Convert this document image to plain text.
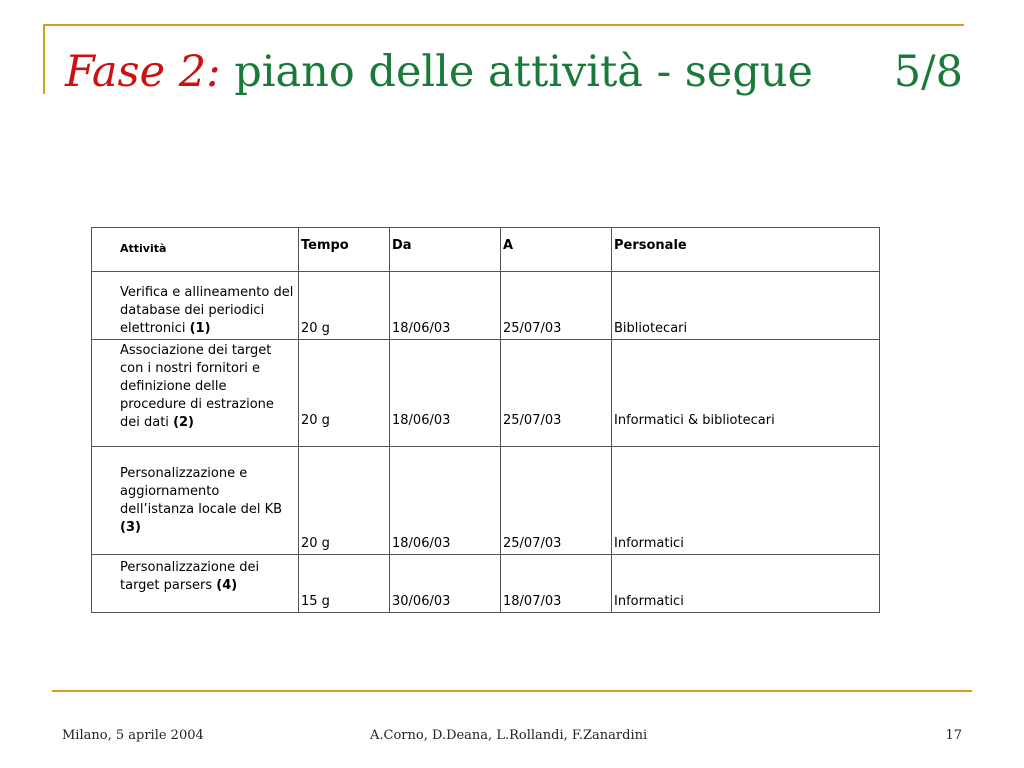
Fase 2: piano delle attività - segue 5/8
Attività	Tempo	Da	A	Personale
Verifica e allineamento del database dei periodici elettronici (1)	20 g	18/06/03	25/07/03	Bibliotecari
Associazione dei target con i nostri fornitori e definizione delle procedure di estrazione dei dati (2)	20 g	18/06/03	25/07/03	Informatici & bibliotecari
Personalizzazione e aggiornamento dell’istanza locale del KB (3)	20 g	18/06/03	25/07/03	Informatici
Personalizzazione dei target parsers (4)	15 g	30/06/03	18/07/03	Informatici
Milano, 5 aprile 2004	A.Corno, D.Deana, L.Rollandi, F.Zanardini	17
